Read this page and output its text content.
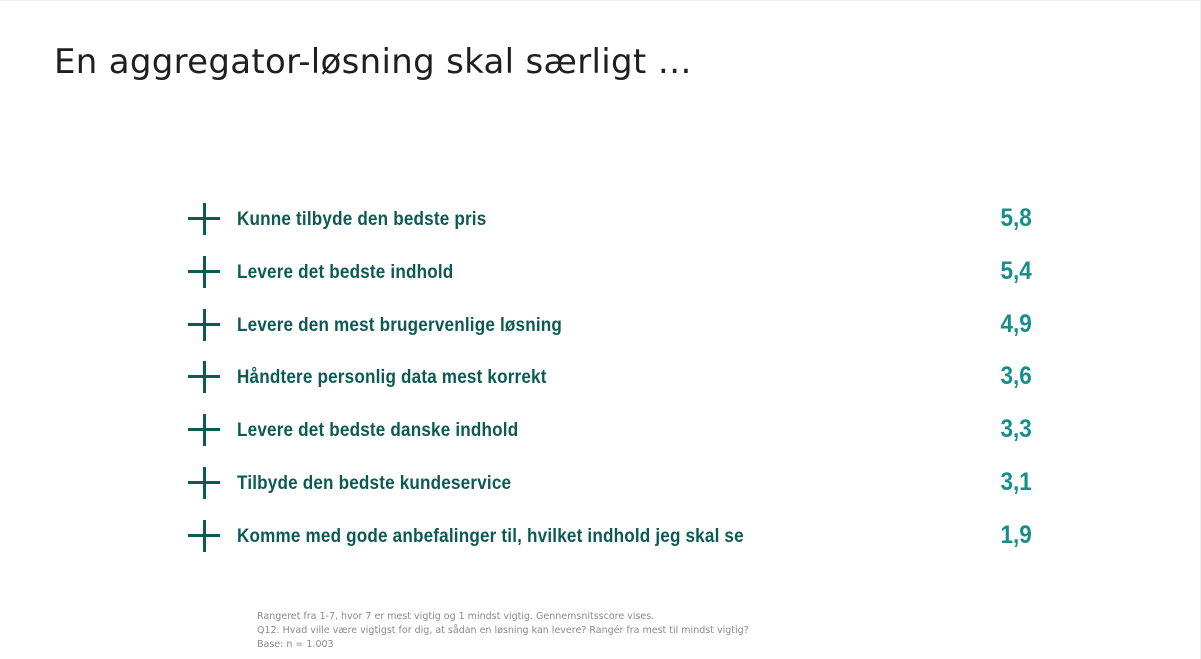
En aggregator-løsning skal særligt …
Kunne tilbyde den bedste pris	5,8
Levere det bedste indhold	5,4
Levere den mest brugervenlige løsning	4,9
Håndtere personlig data mest korrekt	3,6
Levere det bedste danske indhold	3,3
Tilbyde den bedste kundeservice	3,1
Komme med gode anbefalinger til, hvilket indhold jeg skal se	1,9
Rangeret fra 1-7, hvor 7 er mest vigtig og 1 mindst vigtig. Gennemsnitsscore vises.
Q12. Hvad ville være vigtigst for dig, at sådan en løsning kan levere? Rangér fra mest til mindst vigtig?
Base: n = 1.003
